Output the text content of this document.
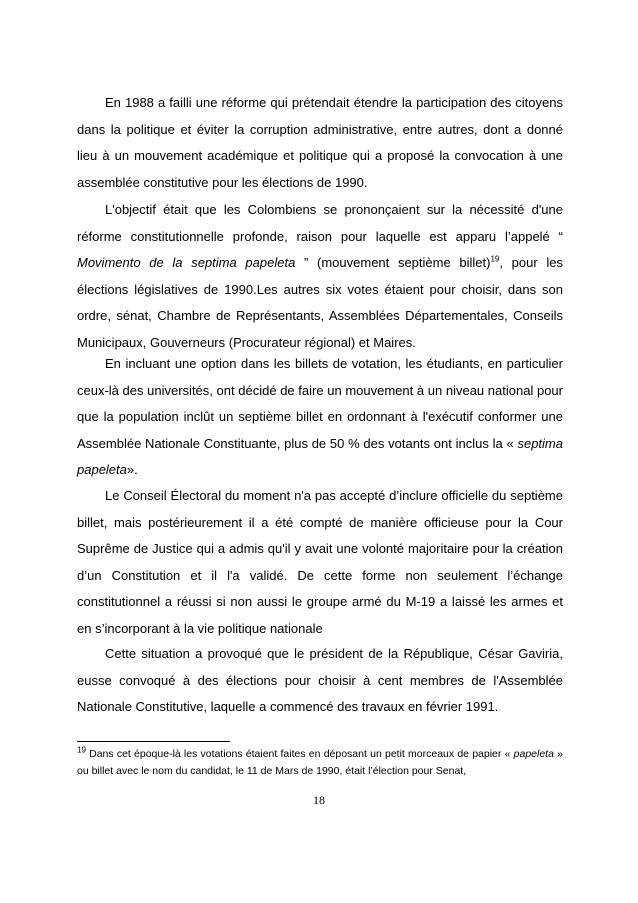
En 1988 a failli une réforme qui prétendait étendre la participation des citoyens dans la politique et éviter la corruption administrative, entre autres, dont a donné lieu à un mouvement académique et politique qui a proposé la convocation à une assemblée constitutive pour les élections de 1990.

L'objectif était que les Colombiens se prononçaient sur la nécessité d'une réforme constitutionnelle profonde, raison pour laquelle est apparu l’appelé “ Movimento de la septima papeleta ” (mouvement septième billet)$^{19}$, pour les élections législatives de 1990.Les autres six votes étaient pour choisir, dans son ordre, sénat, Chambre de Représentants, Assemblées Départementales, Conseils Municipaux, Gouverneurs (Procurateur régional) et Maires.

En incluant une option dans les billets de votation, les étudiants, en particulier ceux-là des universités, ont décidé de faire un mouvement à un niveau national pour que la population inclût un septième billet en ordonnant à l'exécutif conformer une Assemblée Nationale Constituante, plus de 50 % des votants ont inclus la « septima papeleta».

Le Conseil Électoral du moment n'a pas accepté d’inclure officielle du septième billet, mais postérieurement il a été compté de manière officieuse pour la Cour Suprême de Justice qui a admis qu'il y avait une volonté majoritaire pour la création d’un Constitution et il l'a validé. De cette forme non seulement l’échange constitutionnel a réussi si non aussi le groupe armé du M-19 a laissé les armes et en s’incorporant à la vie politique nationale

Cette situation a provoqué que le président de la République, César Gaviria, eusse convoqué à des élections pour choisir à cent membres de l'Assemblée Nationale Constitutive, laquelle a commencé des travaux en février 1991.

$^{19}$ Dans cet époque-là les votations étaient faites en déposant un petit morceaux de papier « papeleta » ou billet avec le nom du candidat, le 11 de Mars de 1990, était l’élection pour Senat,

18
